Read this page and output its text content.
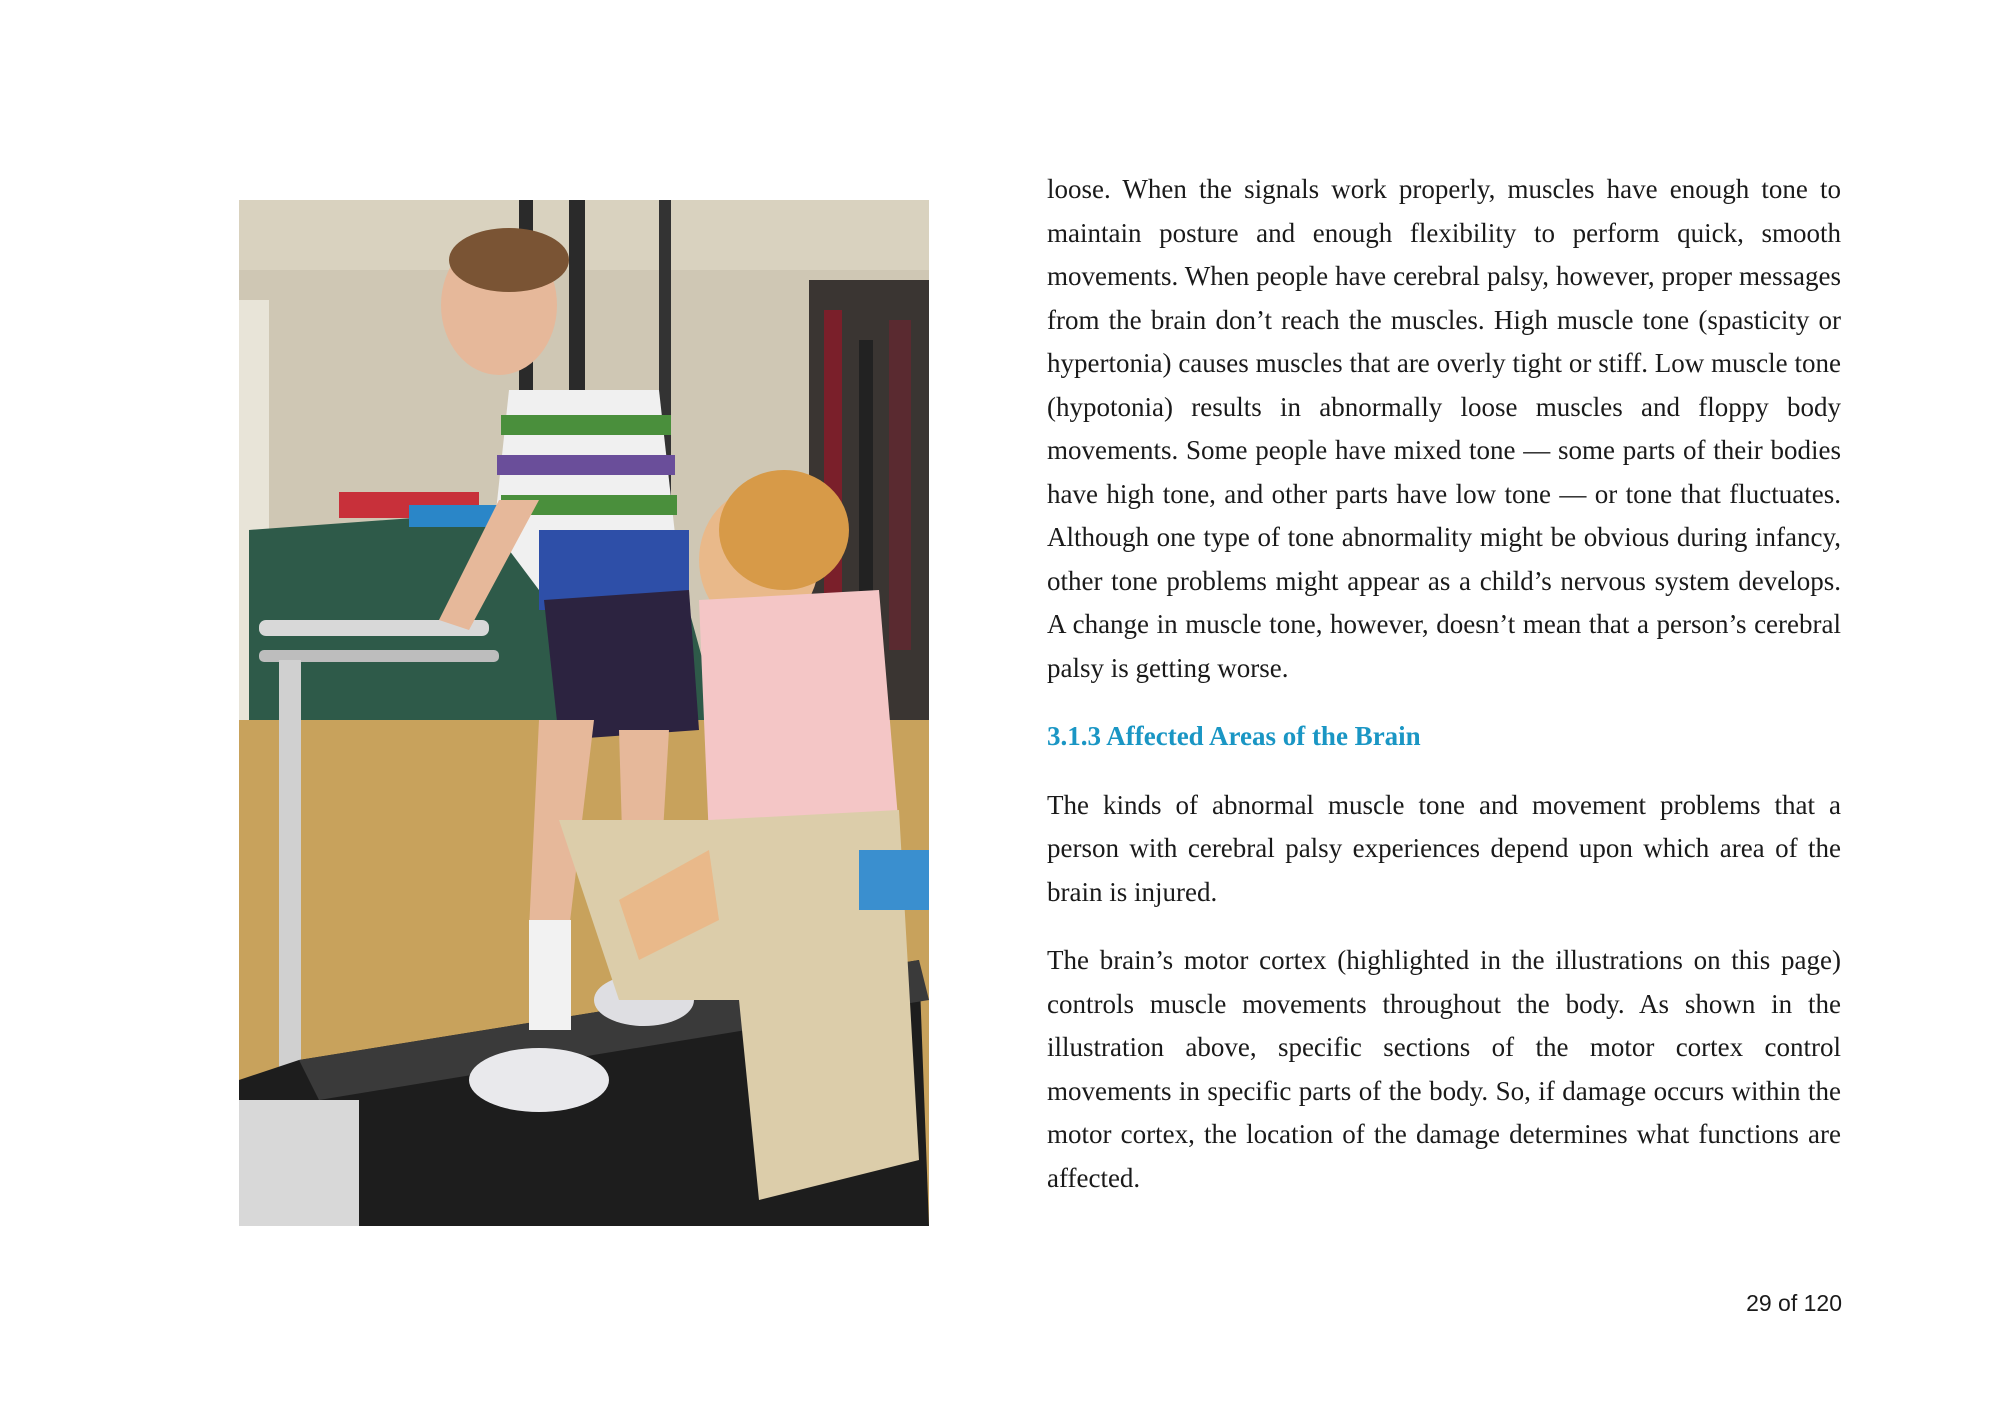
loose. When the signals work properly, muscles have enough tone to maintain posture and enough flexibility to perform quick, smooth movements. When people have cerebral palsy, however, proper messages from the brain don’t reach the muscles. High muscle tone (spasticity or hypertonia) causes muscles that are overly tight or stiff. Low muscle tone (hypotonia) results in abnormally loose muscles and floppy body movements. Some people have mixed tone — some parts of their bodies have high tone, and other parts have low tone — or tone that fluctuates. Although one type of tone abnormality might be obvious during infancy, other tone problems might appear as a child’s nervous system develops. A change in muscle tone, however, doesn’t mean that a person’s cerebral palsy is getting worse.

3.1.3 Affected Areas of the Brain

The kinds of abnormal muscle tone and movement problems that a person with cerebral palsy experiences depend upon which area of the brain is injured.

The brain’s motor cortex (highlighted in the illustrations on this page) controls muscle movements throughout the body. As shown in the illustration above, specific sections of the motor cortex control movements in specific parts of the body. So, if damage occurs within the motor cortex, the location of the damage determines what functions are affected.

29 of 120
